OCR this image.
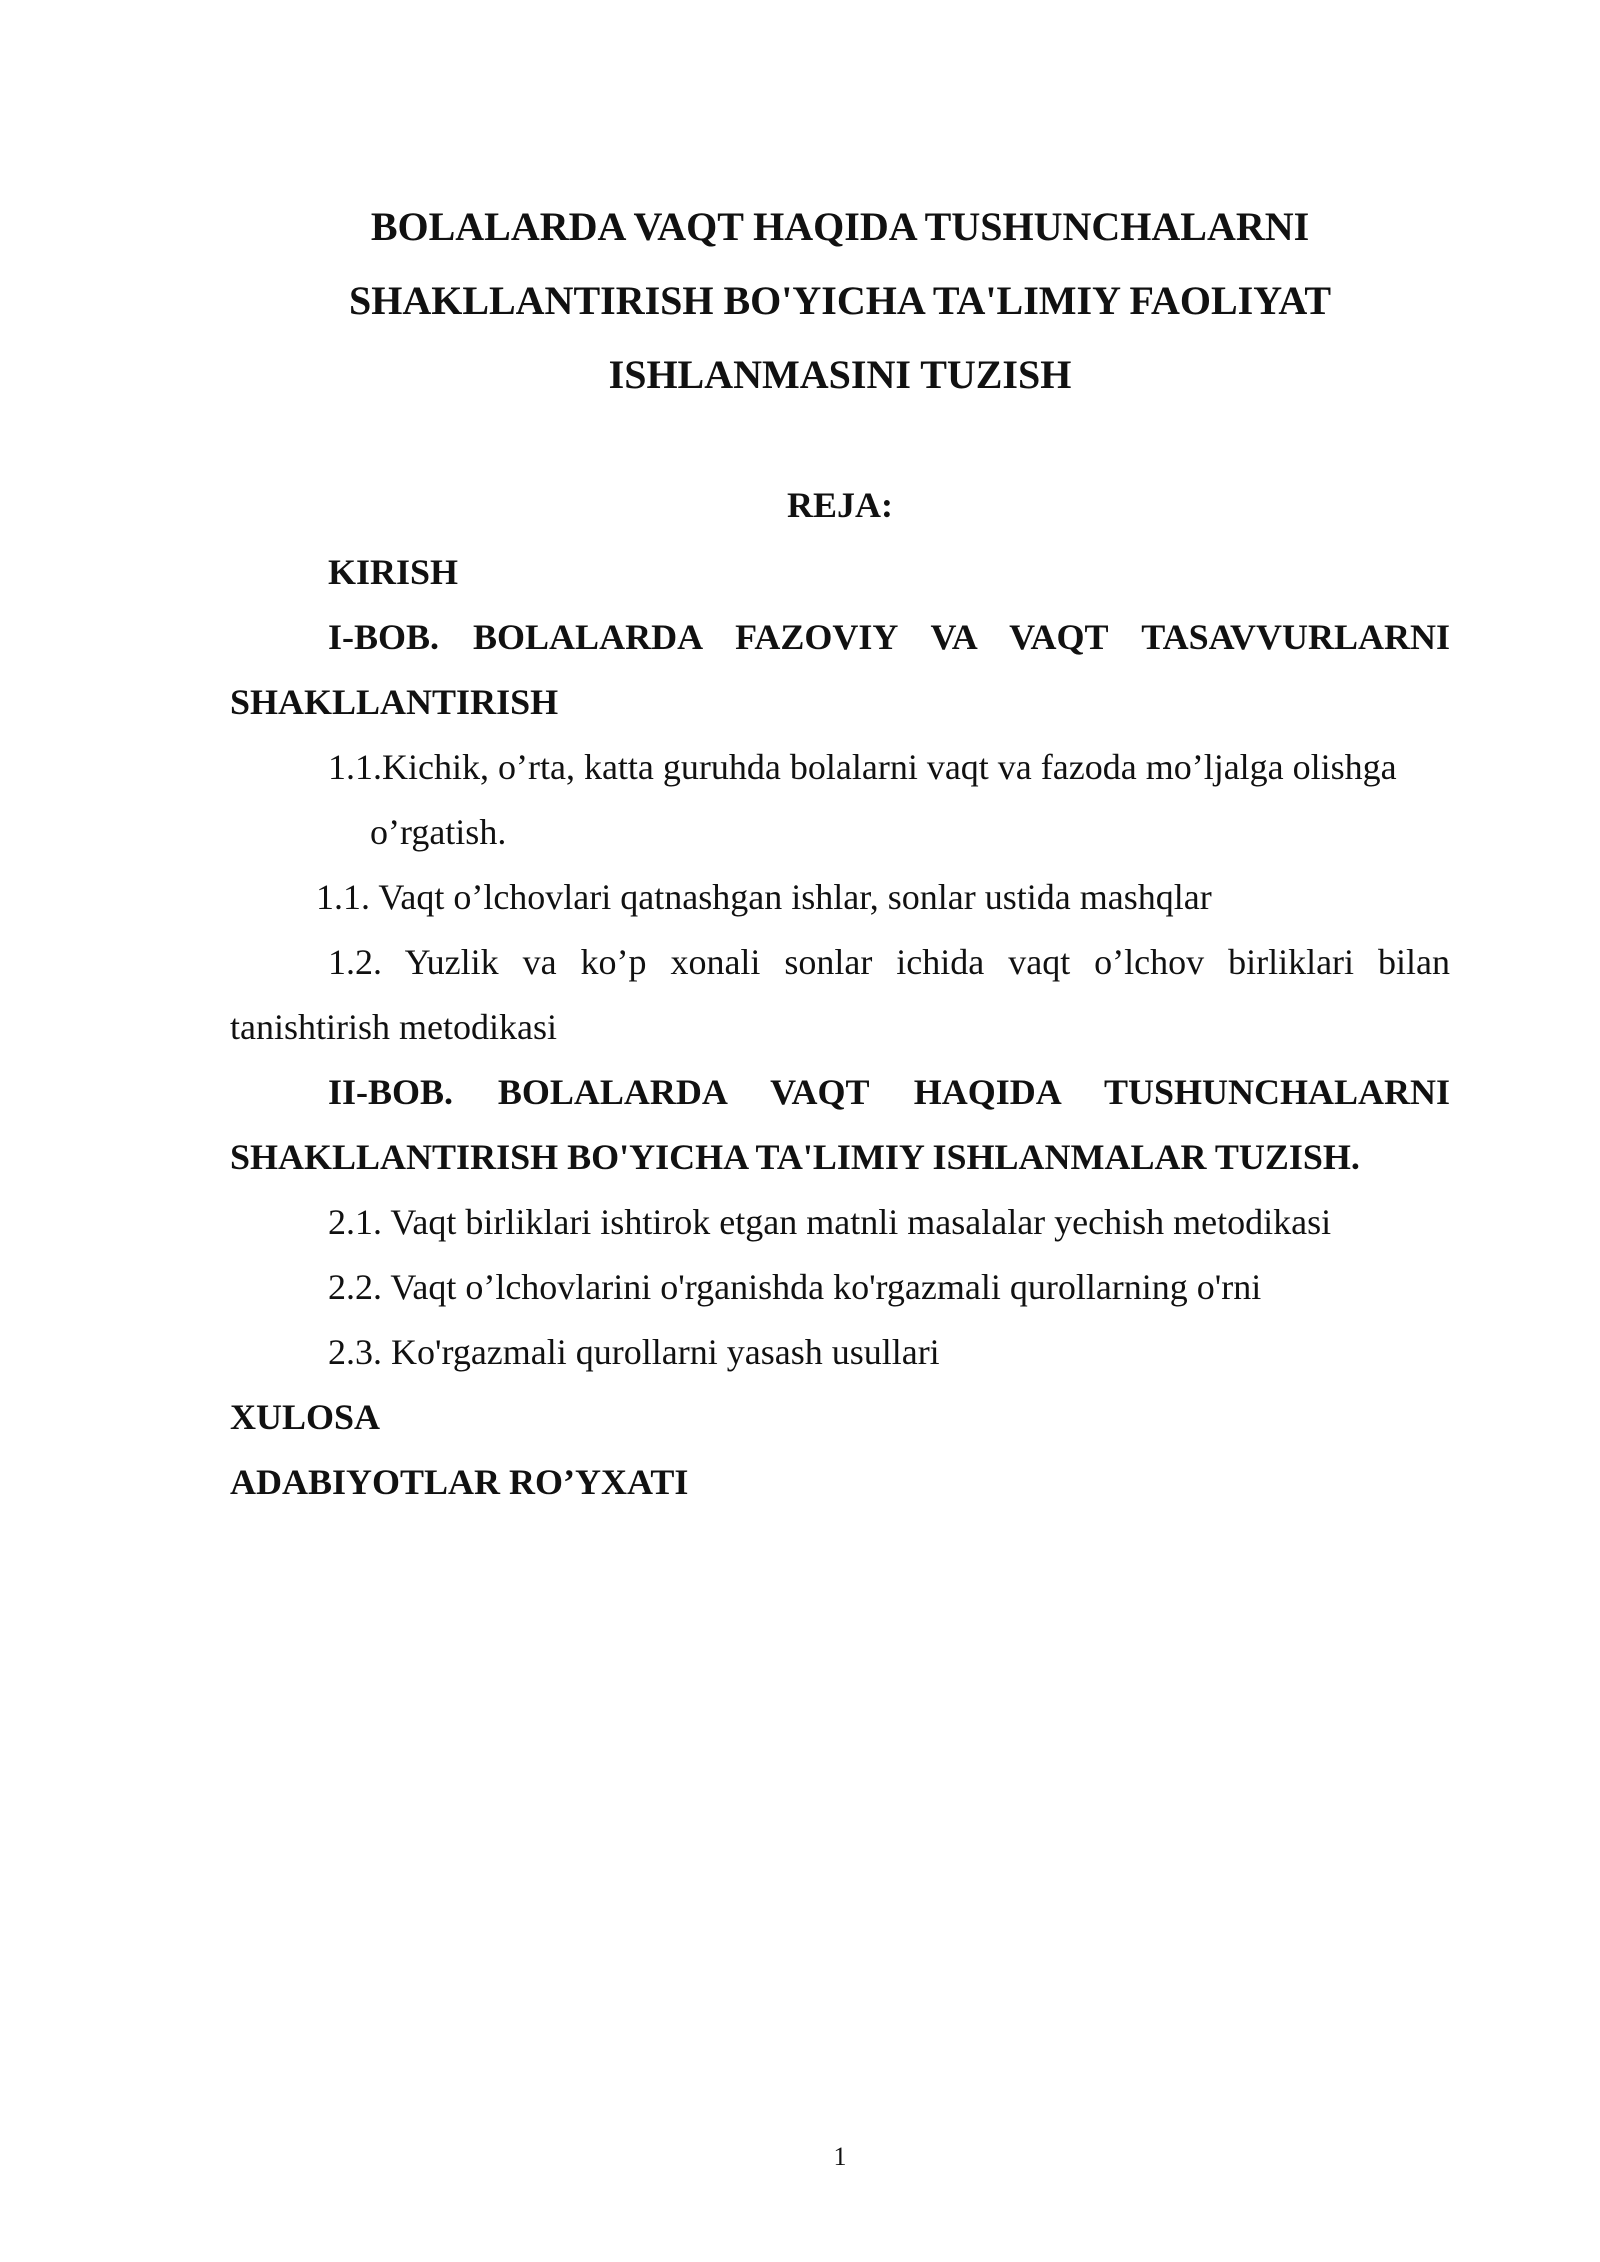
BOLALARDA VAQT HAQIDA TUSHUNCHALARNI
SHAKLLANTIRISH BO'YICHA TA'LIMIY FAOLIYAT
ISHLANMASINI TUZISH
REJA:
KIRISH
I-BOB. BOLALARDA FAZOVIY VA VAQT TASAVVURLARNI
SHAKLLANTIRISH
1.1.Kichik, o’rta, katta guruhda bolalarni vaqt va fazoda mo’ljalga olishga
o’rgatish.
1.1. Vaqt o’lchovlari qatnashgan ishlar, sonlar ustida mashqlar
1.2. Yuzlik va ko’p xonali sonlar ichida vaqt o’lchov birliklari bilan
tanishtirish metodikasi
II-BOB. BOLALARDA VAQT HAQIDA TUSHUNCHALARNI
SHAKLLANTIRISH BO'YICHA TA'LIMIY ISHLANMALAR TUZISH.
2.1. Vaqt birliklari ishtirok etgan matnli masalalar yechish metodikasi
2.2. Vaqt o’lchovlarini o'rganishda ko'rgazmali qurollarning o'rni
2.3. Ko'rgazmali qurollarni yasash usullari
XULOSA
ADABIYOTLAR RO’YXATI
1
